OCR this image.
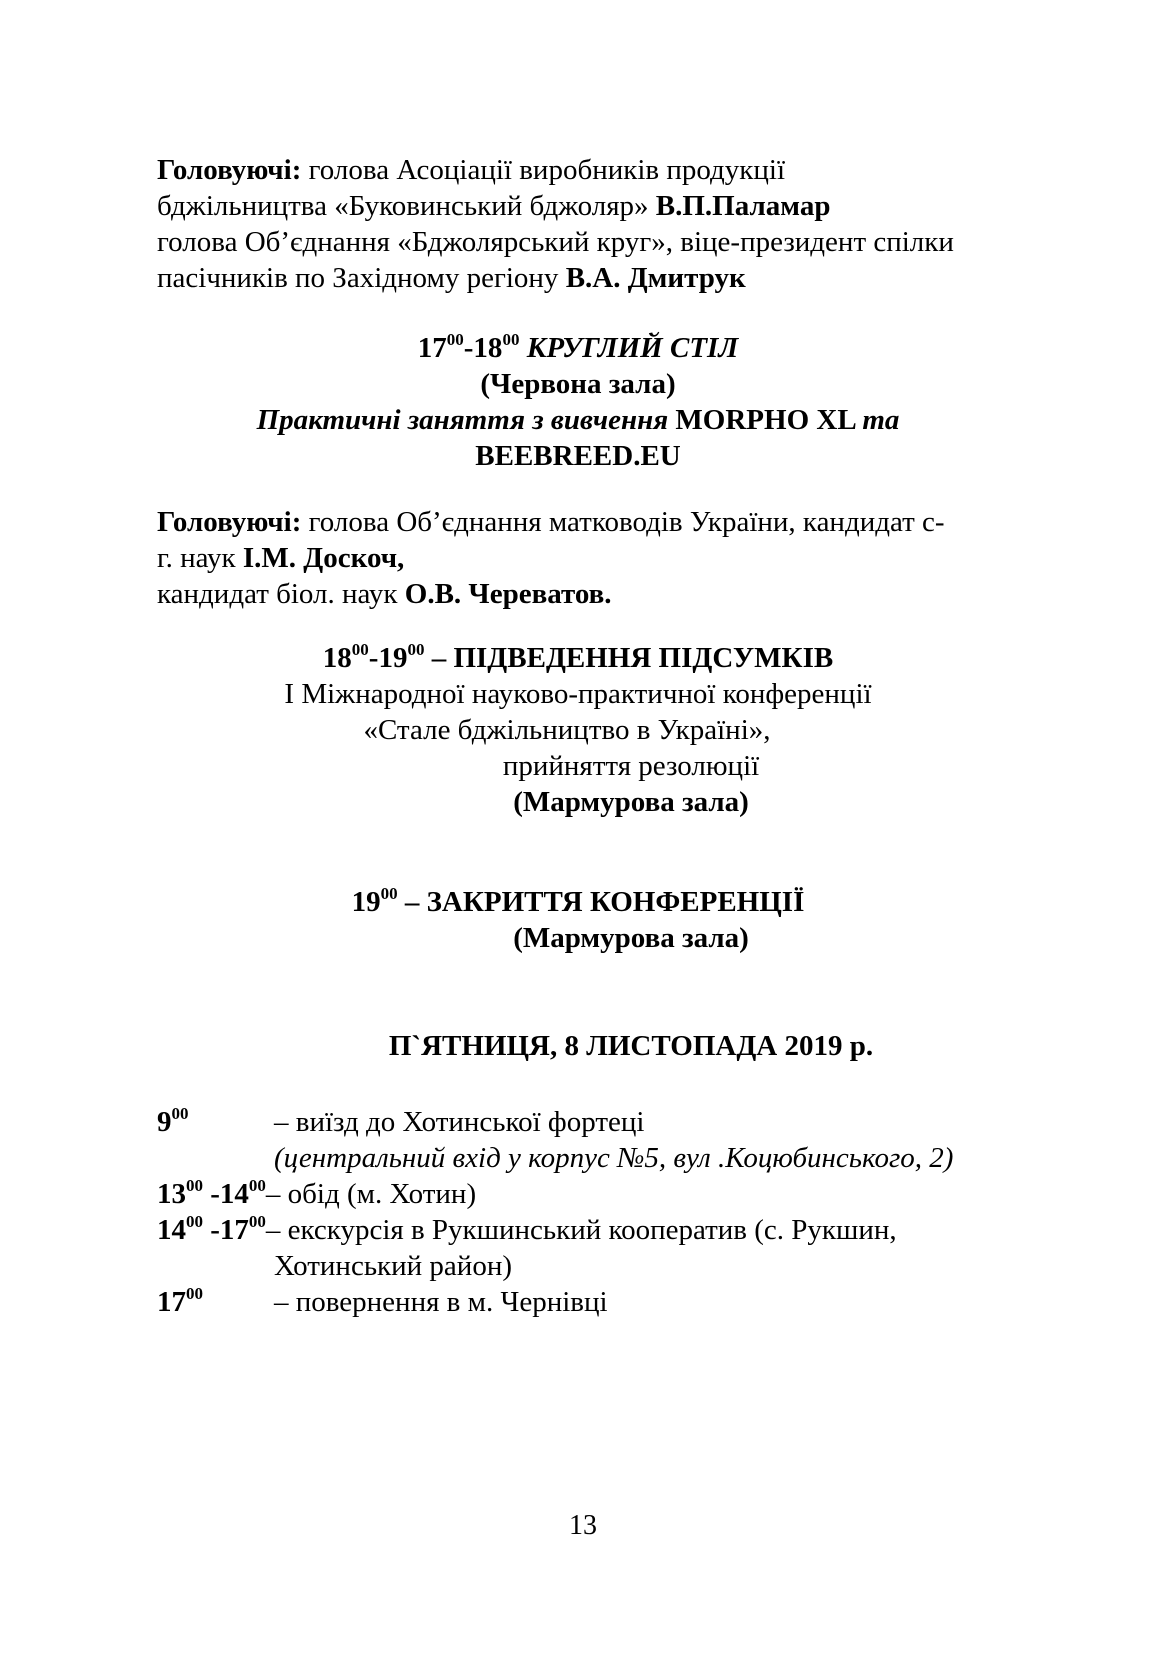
Головуючі: голова Асоціації виробників продукції
бджільництва «Буковинський бджоляр» В.П.Паламар
голова Об’єднання «Бджолярський круг», віце-президент спілки
пасічників по Західному регіону В.А. Дмитрук
$17^{00}-18^{00}$ КРУГЛИЙ СТІЛ
(Червона зала)
Практичні заняття з вивчення MORPHO XL та
BEEBREED.EU
Головуючі: голова Об’єднання матководів України, кандидат с-
г. наук І.М. Доскоч,
кандидат біол. наук О.В. Череватов.
$18^{00}-19^{00}$ – ПІДВЕДЕННЯ ПІДСУМКІВ
І Міжнародної науково-практичної конференції
«Стале бджільництво в Україні»,
прийняття резолюції
(Мармурова зала)
$19^{00}$ – ЗАКРИТТЯ КОНФЕРЕНЦІЇ
(Мармурова зала)
П`ЯТНИЦЯ, 8 ЛИСТОПАДА 2019 р.
$9^{00}$	– виїзд до Хотинської фортеці
(центральний вхід у корпус №5, вул .Коцюбинського, 2)
$13^{00}$ $-14^{00}-$ обід (м. Хотин)
$14^{00}$ $-17^{00}-$ екскурсія в Рукшинський кооператив (с. Рукшин,
Хотинський район)
$17^{00}$ – повернення в м. Чернівці
13
